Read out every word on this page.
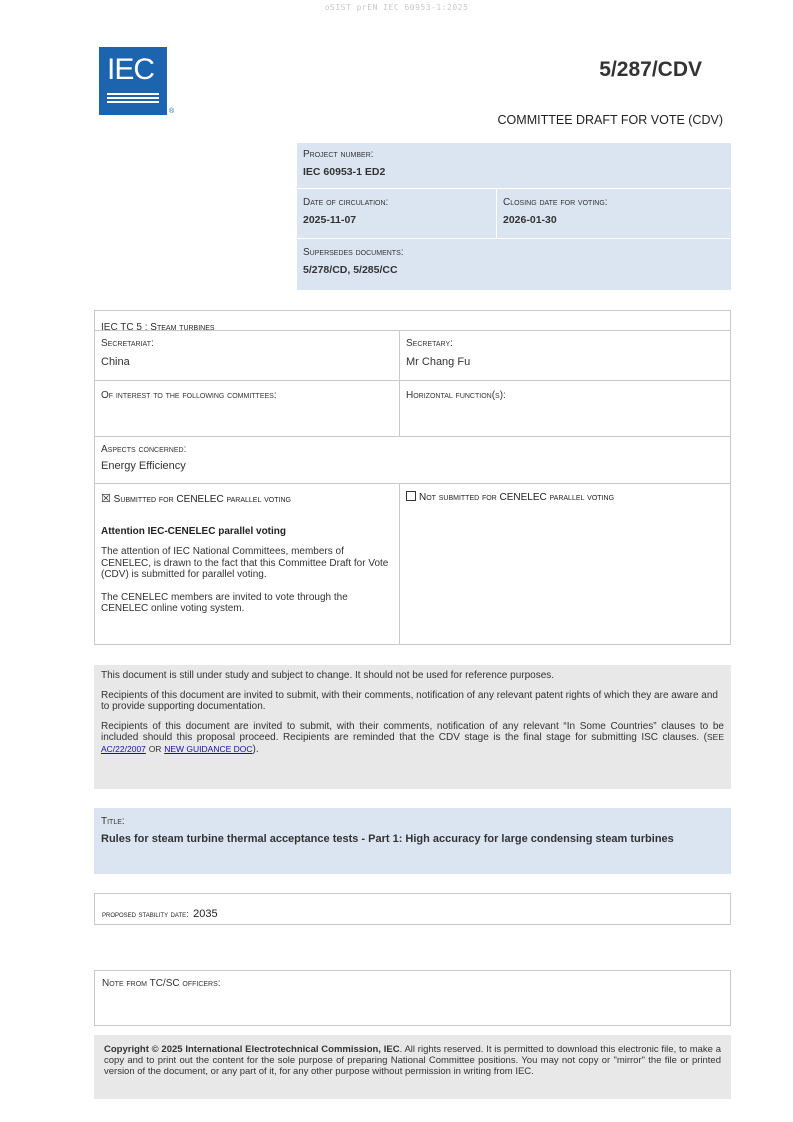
oSIST prEN IEC 60953-1:2025
IEC
®
5/287/CDV
COMMITTEE DRAFT FOR VOTE (CDV)
Project number:
IEC 60953-1 ED2
Date of circulation:
2025-11-07
Closing date for voting:
2026-01-30
Supersedes documents:
5/278/CD, 5/285/CC
IEC TC 5 : Steam turbines
Secretariat:
China
Secretary:
Mr Chang Fu
Of interest to the following committees:	Horizontal function(s):
Aspects concerned:
Energy Efficiency
☒ Submitted for CENELEC parallel voting
Attention IEC-CENELEC parallel voting
The attention of IEC National Committees, members of CENELEC, is drawn to the fact that this Committee Draft for Vote (CDV) is submitted for parallel voting.
The CENELEC members are invited to vote through the CENELEC online voting system.
Not submitted for CENELEC parallel voting

This document is still under study and subject to change. It should not be used for reference purposes.

Recipients of this document are invited to submit, with their comments, notification of any relevant patent rights of which they are aware and to provide supporting documentation.

Recipients of this document are invited to submit, with their comments, notification of any relevant “In Some Countries” clauses to be included should this proposal proceed. Recipients are reminded that the CDV stage is the final stage for submitting ISC clauses. (SEE AC/22/2007 OR NEW GUIDANCE DOC).

Title:
Rules for steam turbine thermal acceptance tests - Part 1: High accuracy for large condensing steam turbines
proposed stability date: 2035
Note from TC/SC officers:
Copyright © 2025 International Electrotechnical Commission, IEC. All rights reserved. It is permitted to download this electronic file, to make a copy and to print out the content for the sole purpose of preparing National Committee positions. You may not copy or "mirror" the file or printed version of the document, or any part of it, for any other purpose without permission in writing from IEC.
